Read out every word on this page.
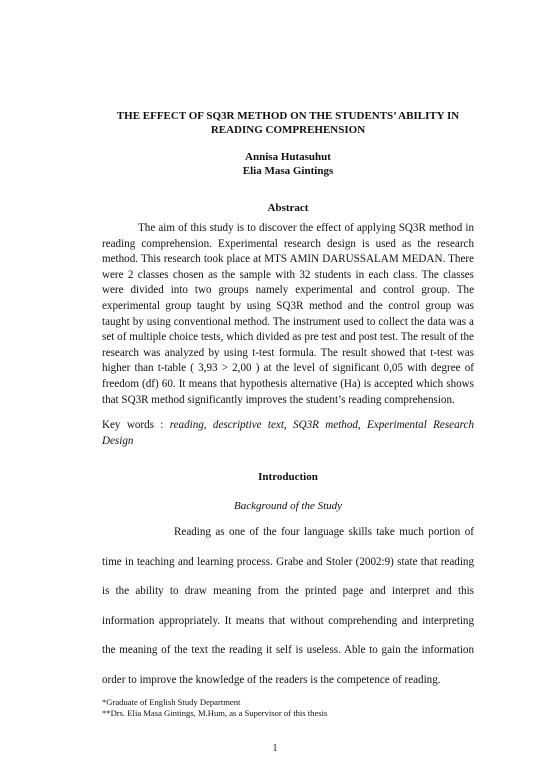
THE EFFECT OF SQ3R METHOD ON THE STUDENTS’ ABILITY IN READING COMPREHENSION
Annisa Hutasuhut
Elia Masa Gintings
Abstract
The aim of this study is to discover the effect of applying SQ3R method in reading comprehension. Experimental research design is used as the research method. This research took place at MTS AMIN DARUSSALAM MEDAN. There were 2 classes chosen as the sample with 32 students in each class. The classes were divided into two groups namely experimental and control group. The experimental group taught by using SQ3R method and the control group was taught by using conventional method. The instrument used to collect the data was a set of multiple choice tests, which divided as pre test and post test. The result of the research was analyzed by using t-test formula. The result showed that t-test was higher than t-table ( 3,93 > 2,00 ) at the level of significant 0,05 with degree of freedom (df) 60. It means that hypothesis alternative (Ha) is accepted which shows that SQ3R method significantly improves the student’s reading comprehension.
Key words : reading, descriptive text, SQ3R method, Experimental Research Design
Introduction
Background of the Study
Reading as one of the four language skills take much portion of time in teaching and learning process. Grabe and Stoler (2002:9) state that reading is the ability to draw meaning from the printed page and interpret and this information appropriately. It means that without comprehending and interpreting the meaning of the text the reading it self is useless. Able to gain the information order to improve the knowledge of the readers is the competence of reading.
*Graduate of English Study Department
**Drs. Elia Masa Gintings, M.Hum, as a Supervisor of this thesis
1
